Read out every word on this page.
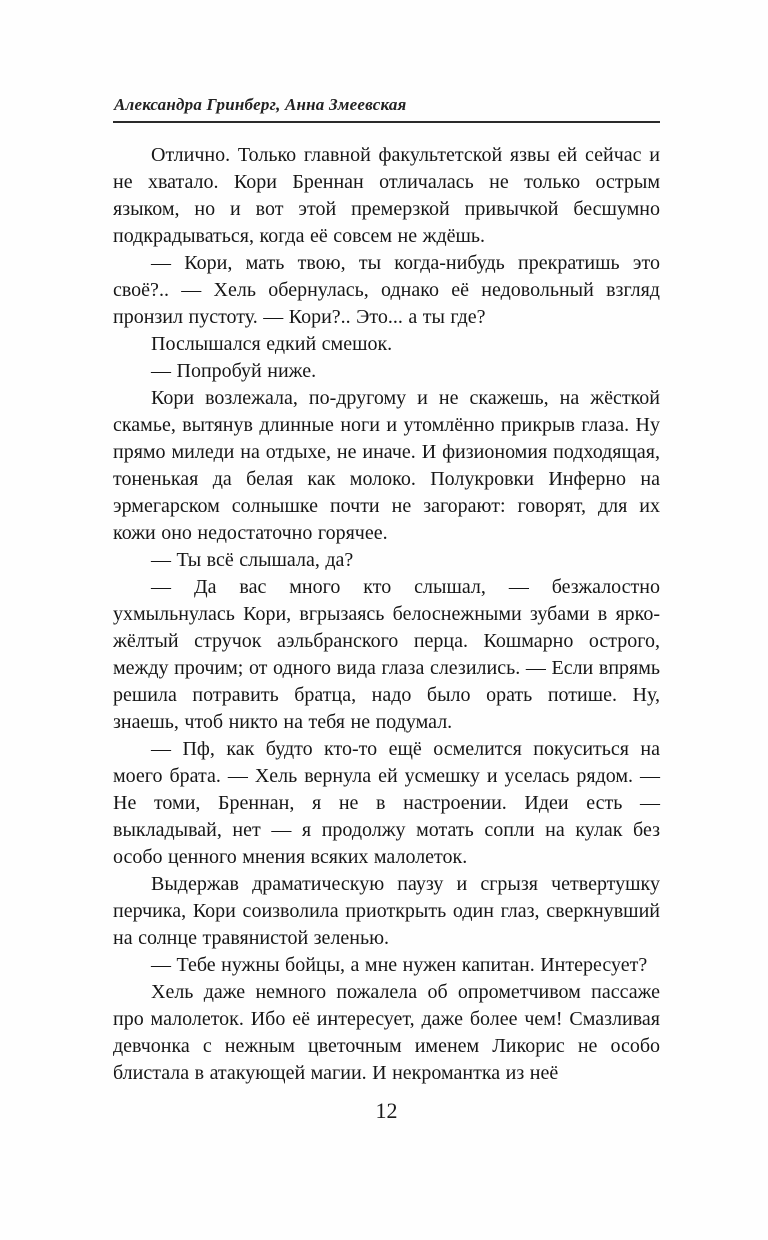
Александра Гринберг, Анна Змеевская

Отлично. Только главной факультетской язвы ей сейчас и не хватало. Кори Бреннан отличалась не только острым языком, но и вот этой премерзкой привычкой бесшумно подкрадываться, когда её совсем не ждёшь.

— Кори, мать твою, ты когда-нибудь прекратишь это своё?.. — Хель обернулась, однако её недовольный взгляд пронзил пустоту. — Кори?.. Это... а ты где?

Послышался едкий смешок.

— Попробуй ниже.

Кори возлежала, по-другому и не скажешь, на жёсткой скамье, вытянув длинные ноги и утомлённо прикрыв глаза. Ну прямо миледи на отдыхе, не иначе. И физиономия подходящая, тоненькая да белая как молоко. Полукровки Инферно на эрмегарском солнышке почти не загорают: говорят, для их кожи оно недостаточно горячее.

— Ты всё слышала, да?

— Да вас много кто слышал, — безжалостно ухмыльнулась Кори, вгрызаясь белоснежными зубами в ярко-жёлтый стручок аэльбранского перца. Кошмарно острого, между прочим; от одного вида глаза слезились. — Если впрямь решила потравить братца, надо было орать потише. Ну, знаешь, чтоб никто на тебя не подумал.

— Пф, как будто кто-то ещё осмелится покуситься на моего брата. — Хель вернула ей усмешку и уселась рядом. — Не томи, Бреннан, я не в настроении. Идеи есть — выкладывай, нет — я продолжу мотать сопли на кулак без особо ценного мнения всяких малолеток.

Выдержав драматическую паузу и сгрызя четвертушку перчика, Кори соизволила приоткрыть один глаз, сверкнувший на солнце травянистой зеленью.

— Тебе нужны бойцы, а мне нужен капитан. Интересует?

Хель даже немного пожалела об опрометчивом пассаже про малолеток. Ибо её интересует, даже более чем! Смазливая девчонка с нежным цветочным именем Ликорис не особо блистала в атакующей магии. И некромантка из неё

12
